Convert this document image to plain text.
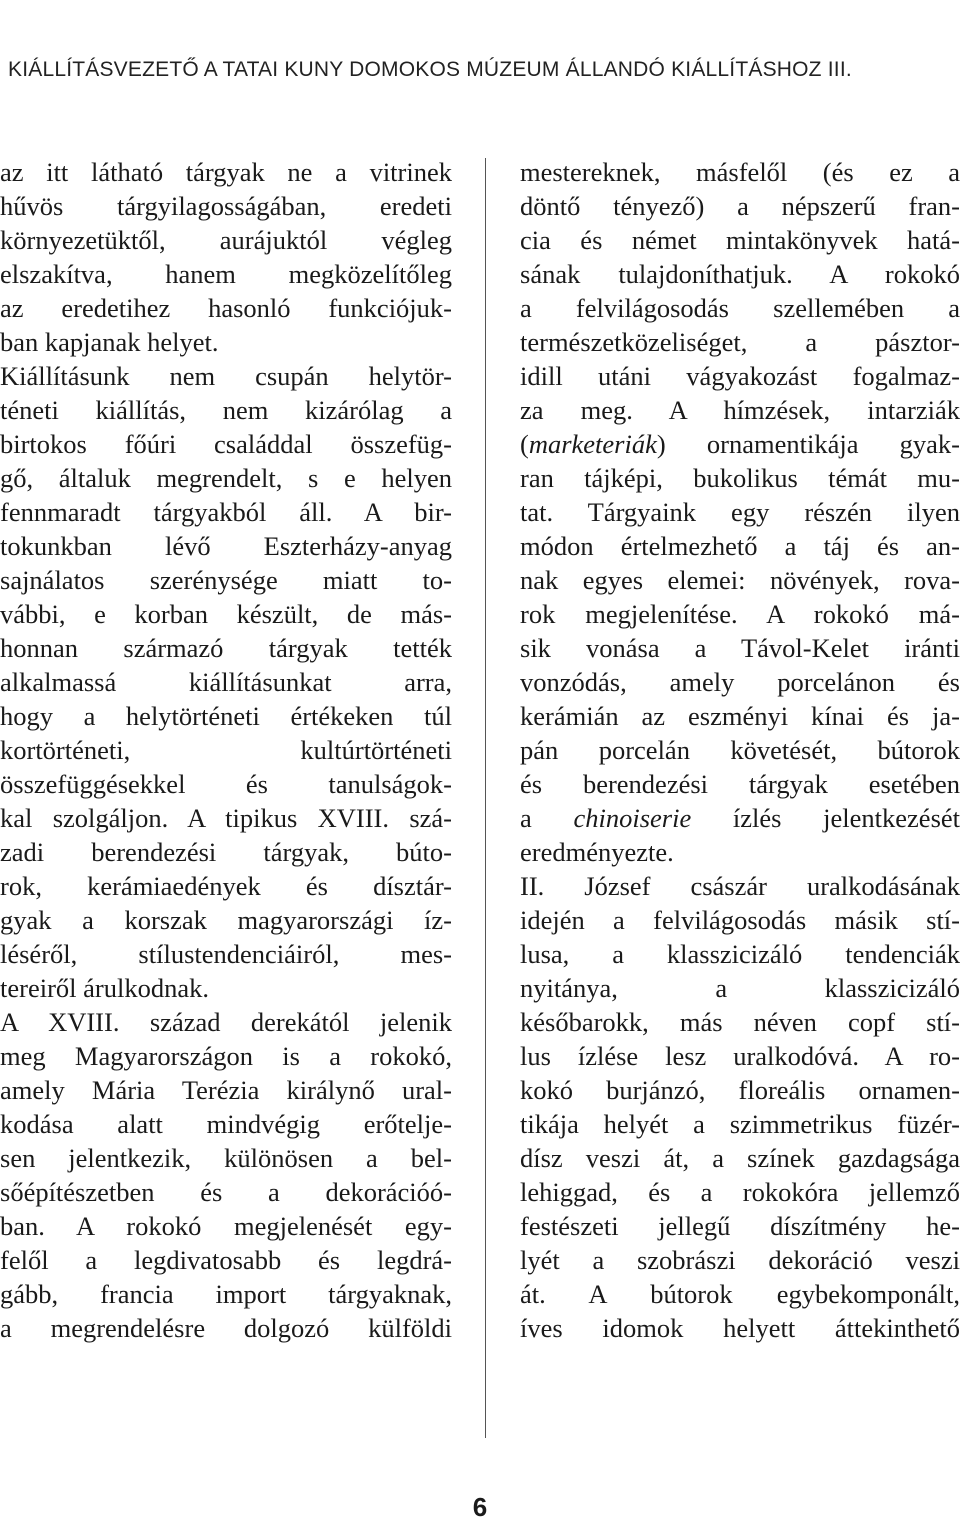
KIÁLLÍTÁSVEZETŐ A TATAI KUNY DOMOKOS MÚZEUM ÁLLANDÓ KIÁLLÍTÁSHOZ III.
az itt látható tárgyak ne a vitrinek
hűvös tárgyilagosságában, eredeti
környezetüktől, aurájuktól végleg
elszakítva, hanem megközelítőleg
az eredetihez hasonló funkciójuk-
ban kapjanak helyet.
Kiállításunk nem csupán helytör-
téneti kiállítás, nem kizárólag a
birtokos főúri családdal összefüg-
gő, általuk megrendelt, s e helyen
fennmaradt tárgyakból áll. A bir-
tokunkban lévő Eszterházy-anyag
sajnálatos szerénysége miatt to-
vábbi, e korban készült, de más-
honnan származó tárgyak tették
alkalmassá kiállításunkat arra,
hogy a helytörténeti értékeken túl
kortörténeti, kultúrtörténeti
összefüggésekkel és tanulságok-
kal szolgáljon. A tipikus XVIII. szá-
zadi berendezési tárgyak, búto-
rok, kerámiaedények és dísztár-
gyak a korszak magyarországi íz-
léséről, stílustendenciáiról, mes-
tereiről árulkodnak.
A XVIII. század derekától jelenik
meg Magyarországon is a rokokó,
amely Mária Terézia királynő ural-
kodása alatt mindvégig erőtelje-
sen jelentkezik, különösen a bel-
sőépítészetben és a dekorációó-
ban. A rokokó megjelenését egy-
felől a legdivatosabb és legdrá-
gább, francia import tárgyaknak,
a megrendelésre dolgozó külföldi
mestereknek, másfelől (és ez a
döntő tényező) a népszerű fran-
cia és német mintakönyvek hatá-
sának tulajdoníthatjuk. A rokokó
a felvilágosodás szellemében a
természetközeliséget, a pásztor-
idill utáni vágyakozást fogalmaz-
za meg. A hímzések, intarziák
(marketeriák) ornamentikája gyak-
ran tájképi, bukolikus témát mu-
tat. Tárgyaink egy részén ilyen
módon értelmezhető a táj és an-
nak egyes elemei: növények, rova-
rok megjelenítése. A rokokó má-
sik vonása a Távol-Kelet iránti
vonzódás, amely porcelánon és
kerámián az eszményi kínai és ja-
pán porcelán követését, bútorok
és berendezési tárgyak esetében
a chinoiserie ízlés jelentkezését
eredményezte.
II. József császár uralkodásának
idején a felvilágosodás másik stí-
lusa, a klasszicizáló tendenciák
nyitánya, a klasszicizáló
későbarokk, más néven copf stí-
lus ízlése lesz uralkodóvá. A ro-
kokó burjánzó, floreális ornamen-
tikája helyét a szimmetrikus füzér-
dísz veszi át, a színek gazdagsága
lehiggad, és a rokokóra jellemző
festészeti jellegű díszítmény he-
lyét a szobrászi dekoráció veszi
át. A bútorok egybekomponált,
íves idomok helyett áttekinthető
6
